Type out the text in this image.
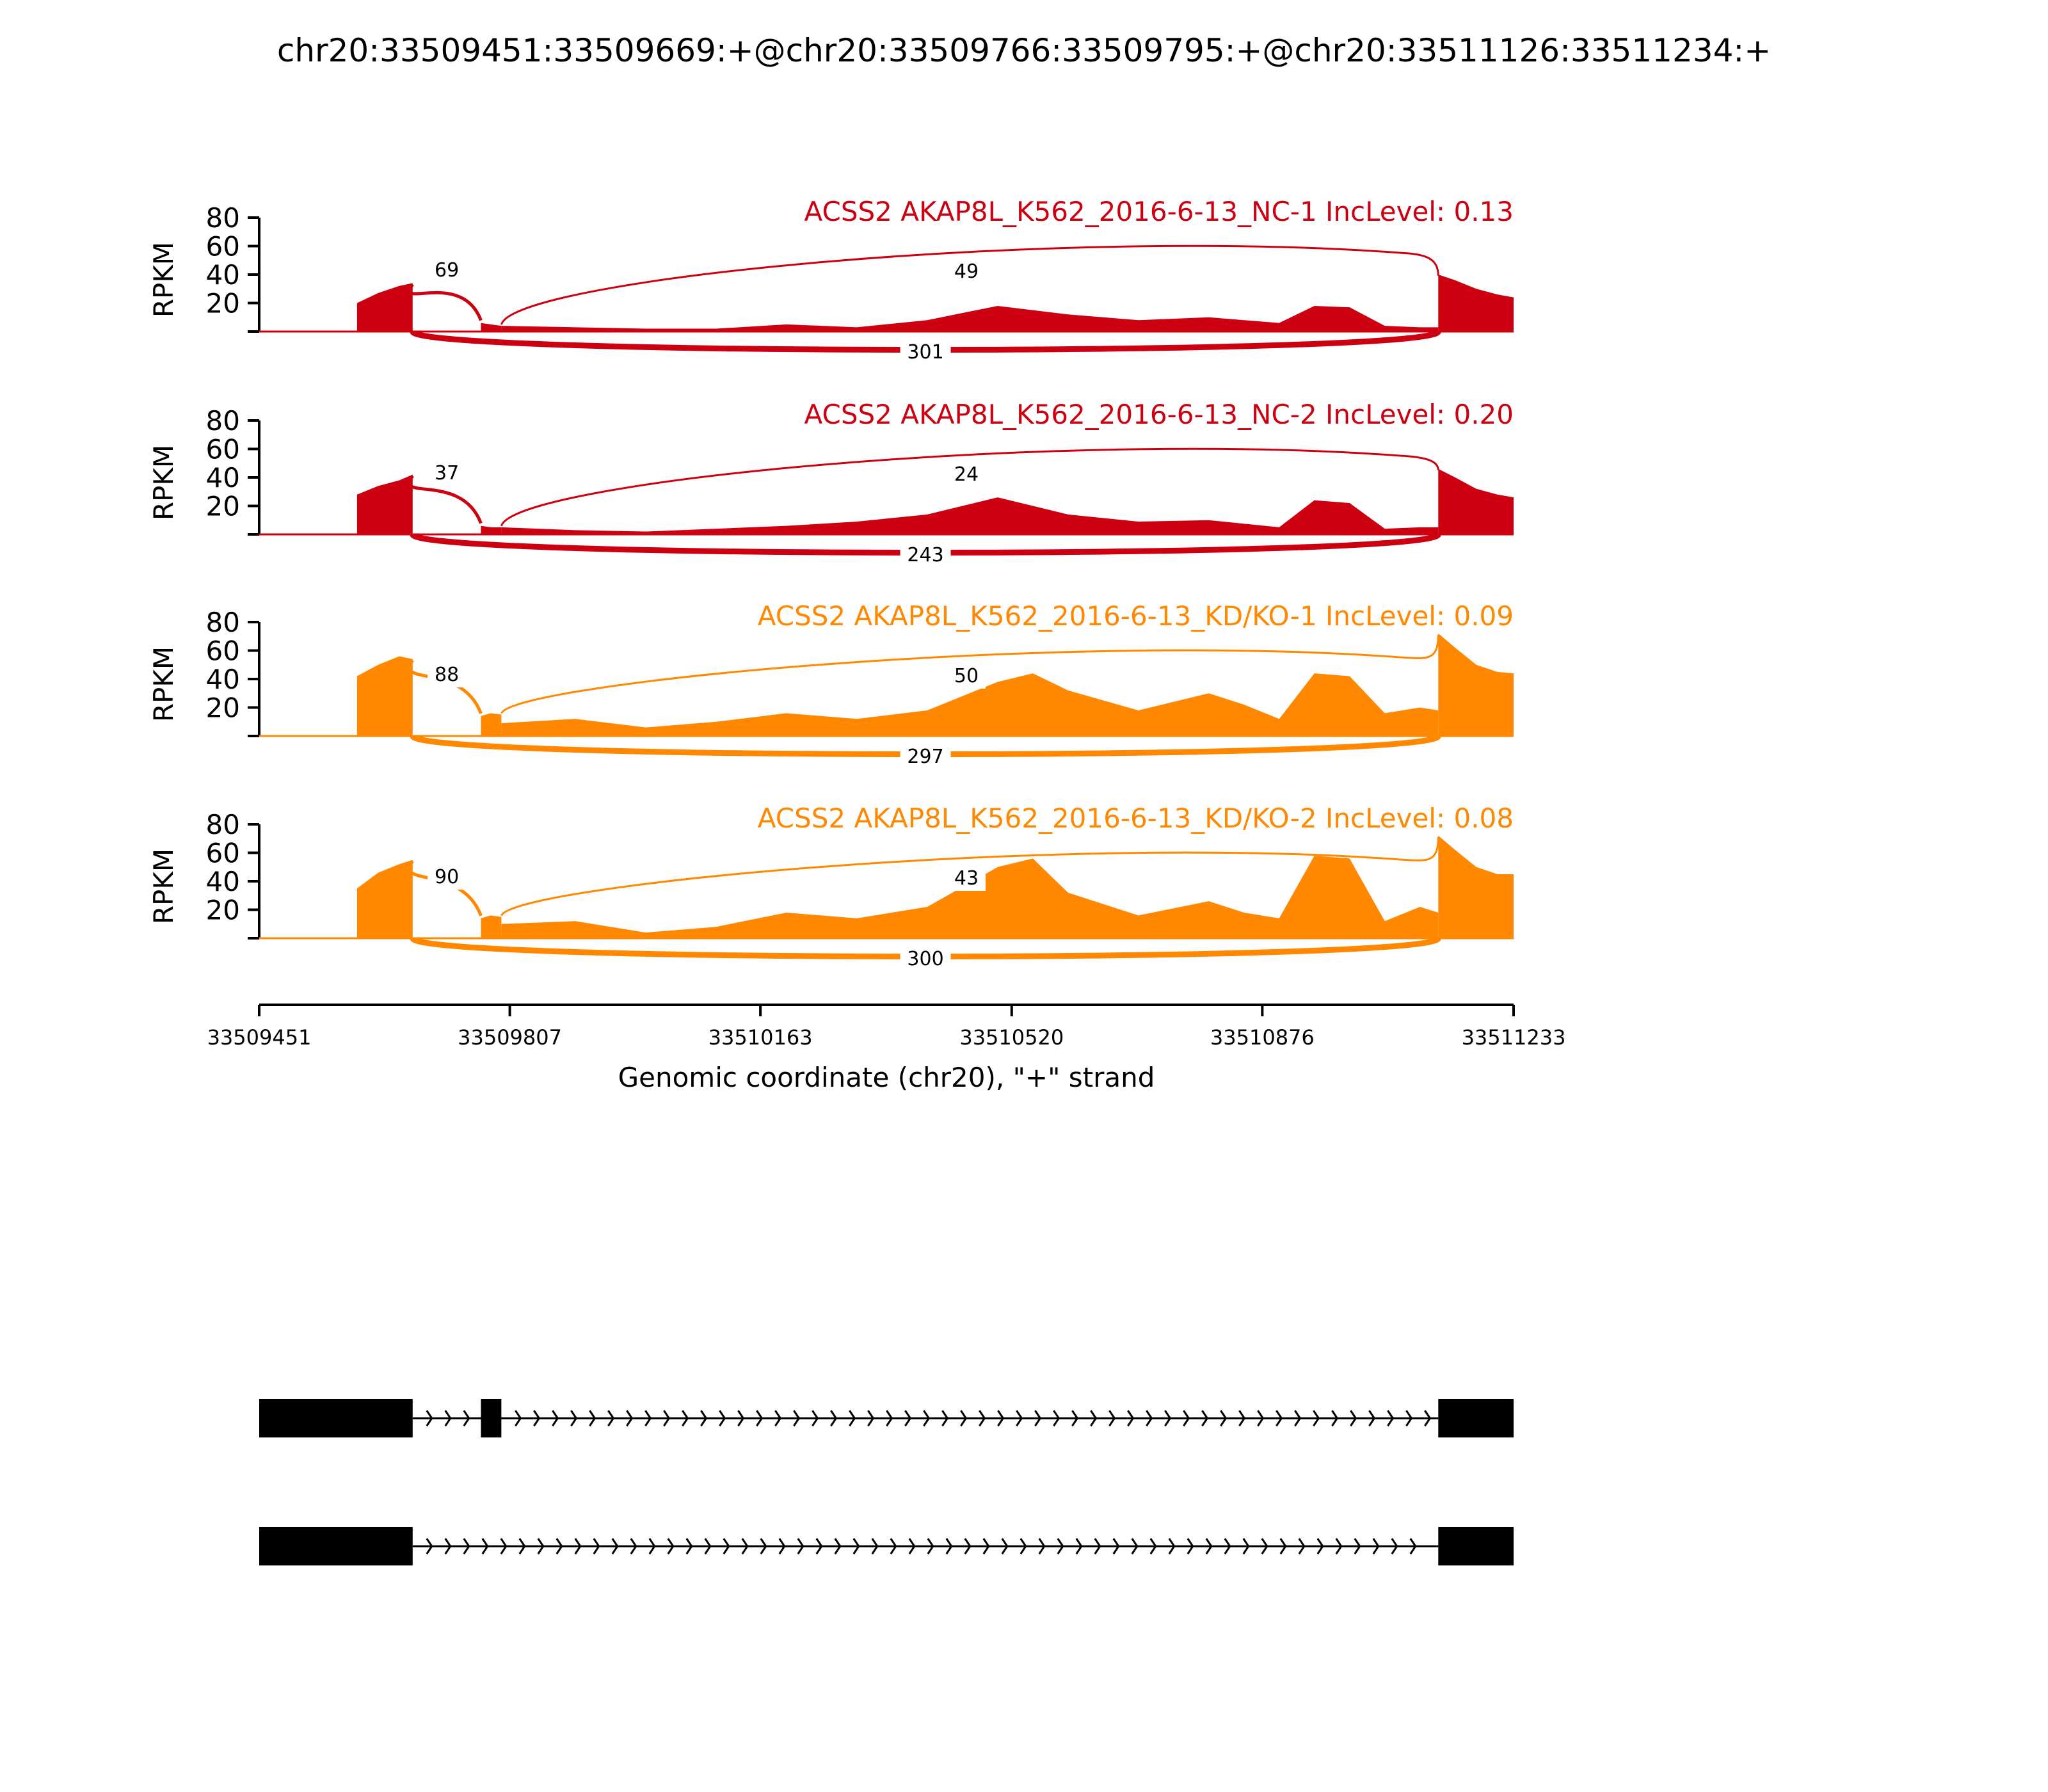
chr20:33509451:33509669:+@chr20:33509766:33509795:+@chr20:33511126:33511234:+
20
40
60
80
RPKM
ACSS2 AKAP8L_K562_2016-6-13_NC-1 IncLevel: 0.13
69	49
301
20
40
60
80
RPKM
ACSS2 AKAP8L_K562_2016-6-13_NC-2 IncLevel: 0.20
37	24
243
20
40
60
80
RPKM
ACSS2 AKAP8L_K562_2016-6-13_KD/KO-1 IncLevel: 0.09
88	50
297
20
40
60
80
RPKM
ACSS2 AKAP8L_K562_2016-6-13_KD/KO-2 IncLevel: 0.08
90	43
300
33509451	33509807	33510163	33510520	33510876	33511233
Genomic coordinate (chr20), "+" strand
